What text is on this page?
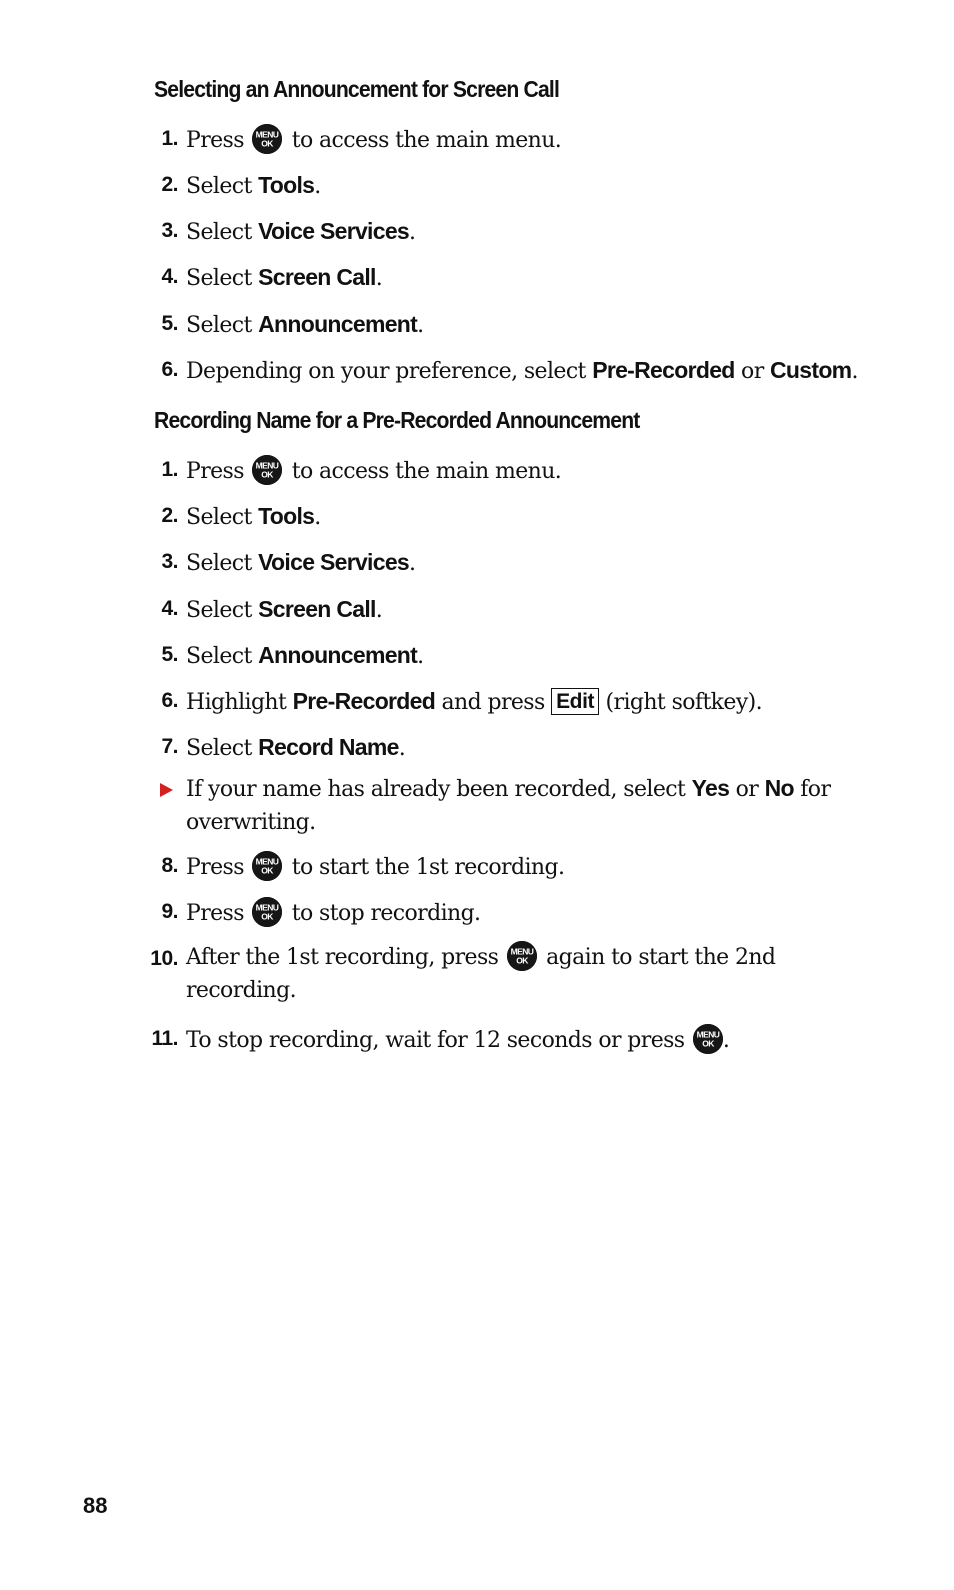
Selecting an Announcement for Screen Call
1. Press MENU
OK to access the main menu.
2. Select Tools.
3. Select Voice Services.
4. Select Screen Call.
5. Select Announcement.
6. Depending on your preference, select Pre-Recorded or Custom.
Recording Name for a Pre-Recorded Announcement
1. Press MENU
OK to access the main menu.
2. Select Tools.
3. Select Voice Services.
4. Select Screen Call.
5. Select Announcement.
6. Highlight Pre-Recorded and press Edit (right softkey).
7. Select Record Name.
If your name has already been recorded, select Yes or No for overwriting.
8. Press MENU
OK to start the 1st recording.
9. Press MENU
OK to stop recording.
10. After the 1st recording, press MENU
OK again to start the 2nd recording.
11. To stop recording, wait for 12 seconds or press MENU
OK .
88
